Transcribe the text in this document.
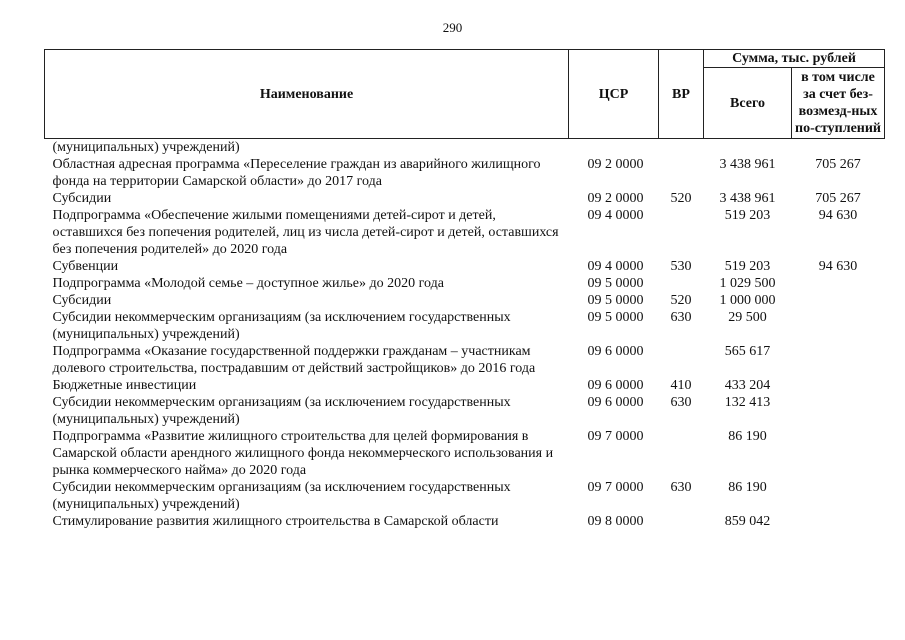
290
Наименование	ЦСР	ВР	Сумма, тыс. рублей	
			Всего	в том числе за счет без-возмезд-ных по-ступлений
(муниципальных) учреждений)				
Областная адресная программа «Переселение граждан из аварийного жилищного фонда на территории Самарской области» до 2017 года	09 2 0000		3 438 961	705 267
Субсидии	09 2 0000	520	3 438 961	705 267
Подпрограмма «Обеспечение жилыми помещениями детей-сирот и детей, оставшихся без попечения родителей, лиц из числа детей-сирот и детей, оставшихся без попечения родителей» до 2020 года	09 4 0000		519 203	94 630
Субвенции	09 4 0000	530	519 203	94 630
Подпрограмма «Молодой семье – доступное жилье» до 2020 года	09 5 0000		1 029 500	
Субсидии	09 5 0000	520	1 000 000	
Субсидии некоммерческим организациям (за исключением государственных (муниципальных) учреждений)	09 5 0000	630	29 500	
Подпрограмма «Оказание государственной поддержки гражданам – участникам долевого строительства, пострадавшим от действий застройщиков» до 2016 года	09 6 0000		565 617	
Бюджетные инвестиции	09 6 0000	410	433 204	
Субсидии некоммерческим организациям (за исключением государственных (муниципальных) учреждений)	09 6 0000	630	132 413	
Подпрограмма «Развитие жилищного строительства для целей формирования в Самарской области арендного жилищного фонда некоммерческого использования и рынка коммерческого найма» до 2020 года	09 7 0000		86 190	
Субсидии некоммерческим организациям (за исключением государственных (муниципальных) учреждений)	09 7 0000	630	86 190	
Стимулирование развития жилищного строительства в Самарской области	09 8 0000		859 042	
